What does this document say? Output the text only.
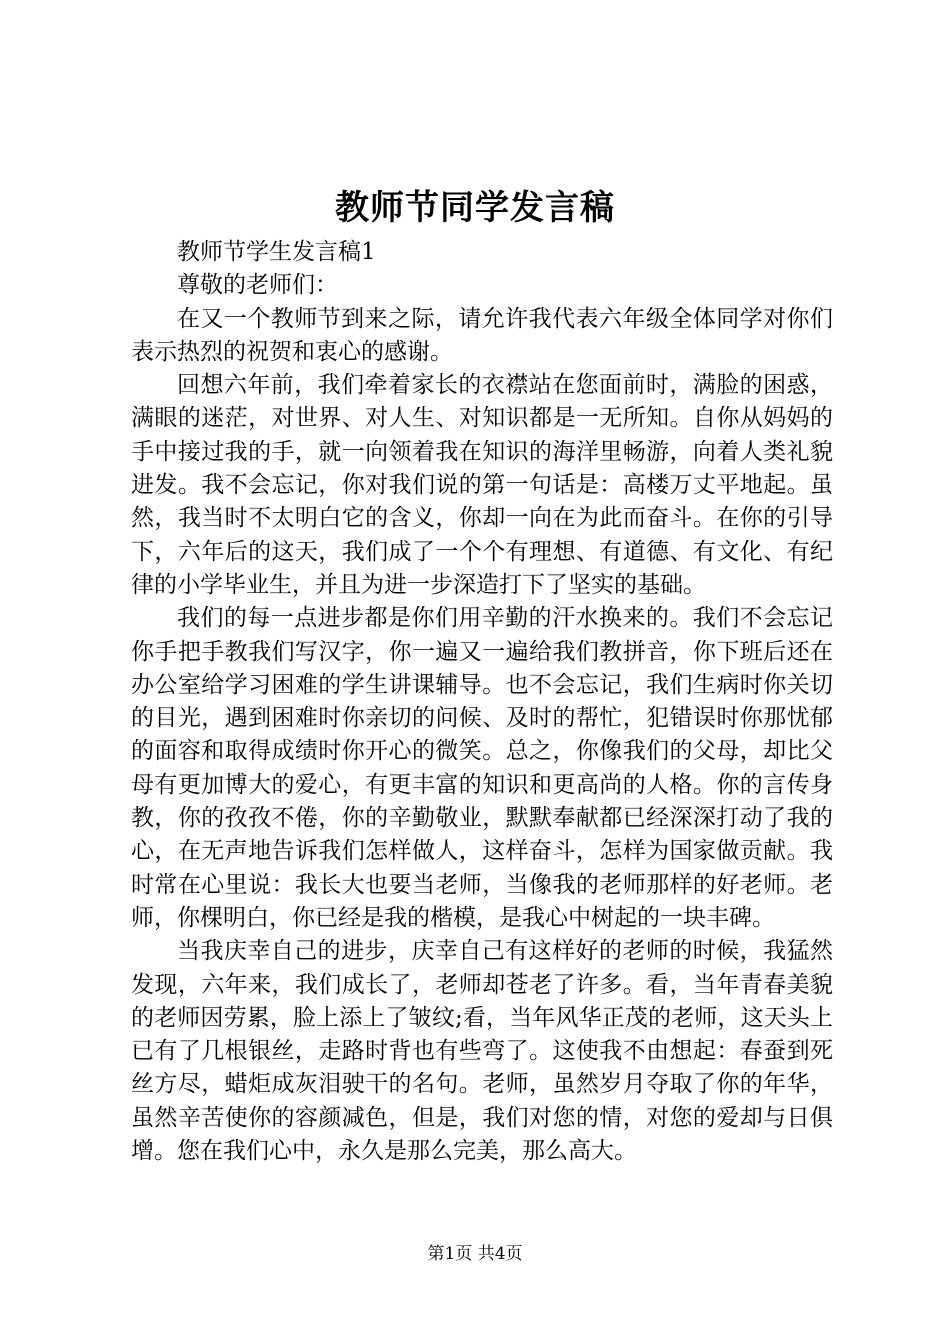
教师节同学发言稿

教师节学生发言稿1

尊敬的老师们：

在又一个教师节到来之际，请允许我代表六年级全体同学对你们表示热烈的祝贺和衷心的感谢。

回想六年前，我们牵着家长的衣襟站在您面前时，满脸的困惑，满眼的迷茫，对世界、对人生、对知识都是一无所知。自你从妈妈的手中接过我的手，就一向领着我在知识的海洋里畅游，向着人类礼貌进发。我不会忘记，你对我们说的第一句话是：高楼万丈平地起。虽然，我当时不太明白它的含义，你却一向在为此而奋斗。在你的引导下，六年后的这天，我们成了一个个有理想、有道德、有文化、有纪律的小学毕业生，并且为进一步深造打下了坚实的基础。

我们的每一点进步都是你们用辛勤的汗水换来的。我们不会忘记你手把手教我们写汉字，你一遍又一遍给我们教拼音，你下班后还在办公室给学习困难的学生讲课辅导。也不会忘记，我们生病时你关切的目光，遇到困难时你亲切的问候、及时的帮忙，犯错误时你那忧郁的面容和取得成绩时你开心的微笑。总之，你像我们的父母，却比父母有更加博大的爱心，有更丰富的知识和更高尚的人格。你的言传身教，你的孜孜不倦，你的辛勤敬业，默默奉献都已经深深打动了我的心，在无声地告诉我们怎样做人，这样奋斗，怎样为国家做贡献。我时常在心里说：我长大也要当老师，当像我的老师那样的好老师。老师，你棵明白，你已经是我的楷模，是我心中树起的一块丰碑。

当我庆幸自己的进步，庆幸自己有这样好的老师的时候，我猛然发现，六年来，我们成长了，老师却苍老了许多。看，当年青春美貌的老师因劳累，脸上添上了皱纹;看，当年风华正茂的老师，这天头上已有了几根银丝，走路时背也有些弯了。这使我不由想起：春蚕到死丝方尽，蜡炬成灰泪驶干的名句。老师，虽然岁月夺取了你的年华，虽然辛苦使你的容颜减色，但是，我们对您的情，对您的爱却与日俱增。您在我们心中，永久是那么完美，那么高大。

第1页 共4页
